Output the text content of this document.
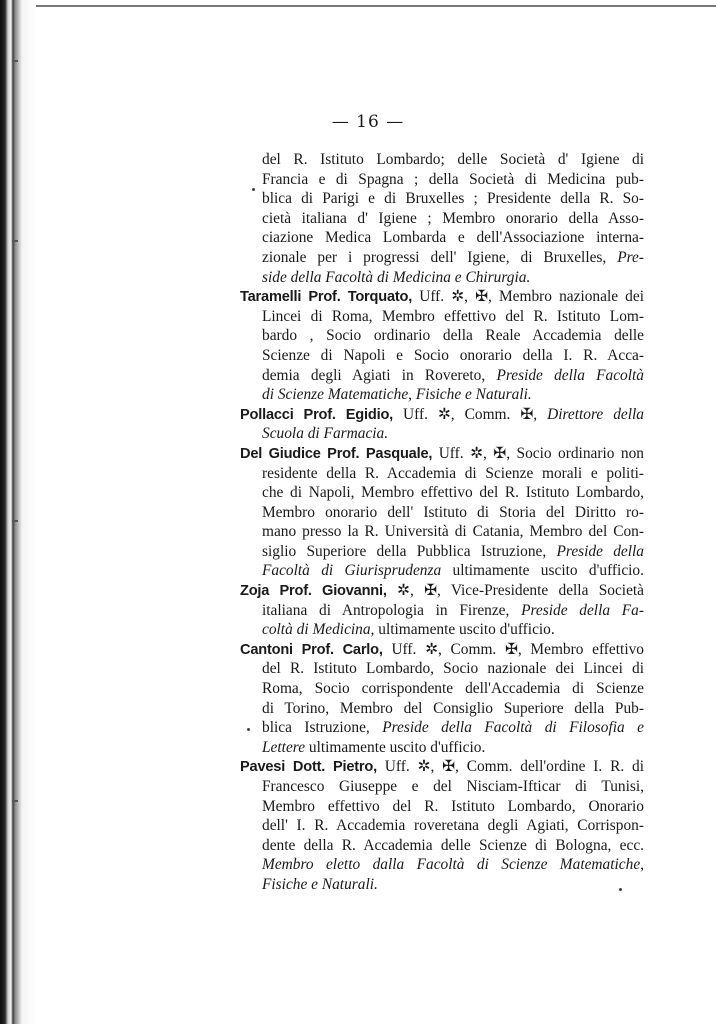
— 16 —
del R. Istituto Lombardo; delle Società d' Igiene di
Francia e di Spagna ; della Società di Medicina pub-
blica di Parigi e di Bruxelles ; Presidente della R. So-
cietà italiana d' Igiene ; Membro onorario della Asso-
ciazione Medica Lombarda e dell'Associazione interna-
zionale per i progressi dell' Igiene, di Bruxelles, Pre-
side della Facoltà di Medicina e Chirurgia.
Taramelli Prof. Torquato, Uff. ✲, ✠, Membro nazionale dei
Lincei di Roma, Membro effettivo del R. Istituto Lom-
bardo , Socio ordinario della Reale Accademia delle
Scienze di Napoli e Socio onorario della I. R. Acca-
demia degli Agiati in Rovereto, Preside della Facoltà
di Scienze Matematiche, Fisiche e Naturali.
Pollacci Prof. Egidio, Uff. ✲, Comm. ✠, Direttore della
Scuola di Farmacia.
Del Giudice Prof. Pasquale, Uff. ✲, ✠, Socio ordinario non
residente della R. Accademia di Scienze morali e politi-
che di Napoli, Membro effettivo del R. Istituto Lombardo,
Membro onorario dell' Istituto di Storia del Diritto ro-
mano presso la R. Università di Catania, Membro del Con-
siglio Superiore della Pubblica Istruzione, Preside della
Facoltà di Giurisprudenza ultimamente uscito d'ufficio.
Zoja Prof. Giovanni, ✲, ✠, Vice-Presidente della Società
italiana di Antropologia in Firenze, Preside della Fa-
coltà di Medicina, ultimamente uscito d'ufficio.
Cantoni Prof. Carlo, Uff. ✲, Comm. ✠, Membro effettivo
del R. Istituto Lombardo, Socio nazionale dei Lincei di
Roma, Socio corrispondente dell'Accademia di Scienze
di Torino, Membro del Consiglio Superiore della Pub-
blica Istruzione, Preside della Facoltà di Filosofia e
Lettere ultimamente uscito d'ufficio.
Pavesi Dott. Pietro, Uff. ✲, ✠, Comm. dell'ordine I. R. di
Francesco Giuseppe e del Nisciam-Ifticar di Tunisi,
Membro effettivo del R. Istituto Lombardo, Onorario
dell' I. R. Accademia roveretana degli Agiati, Corrispon-
dente della R. Accademia delle Scienze di Bologna, ecc.
Membro eletto dalla Facoltà di Scienze Matematiche,
Fisiche e Naturali.
